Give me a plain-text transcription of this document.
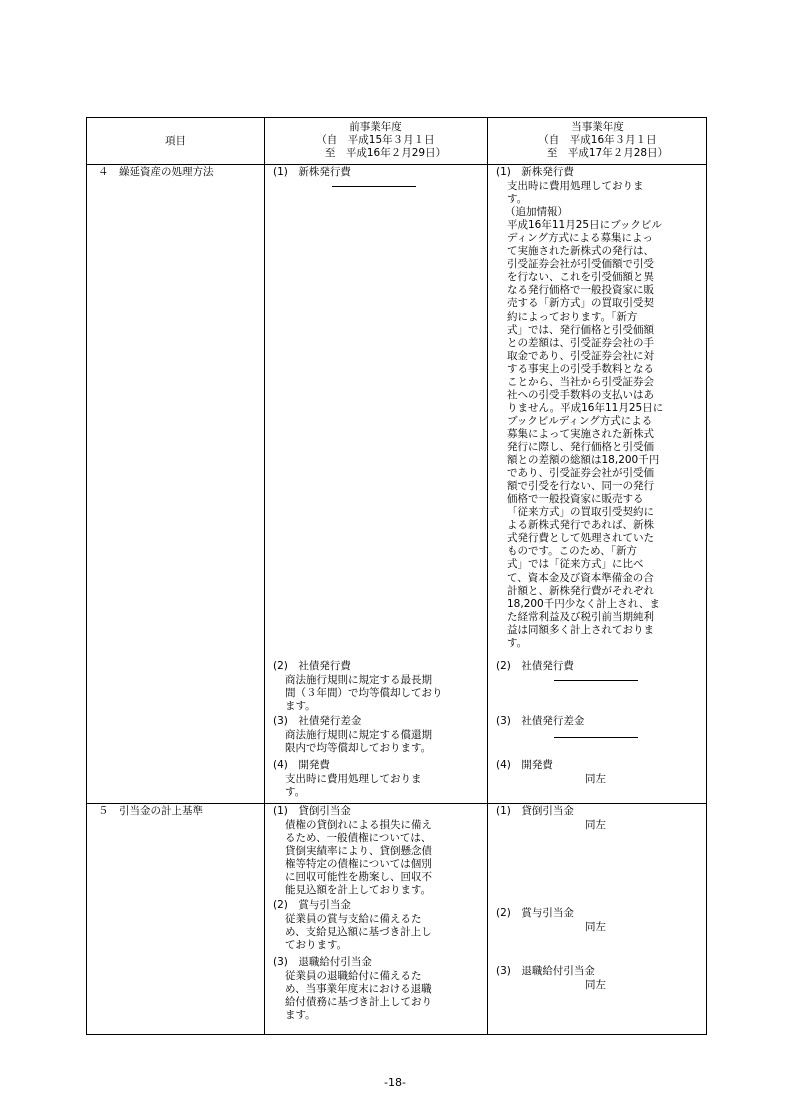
項目
前事業年度
（自　平成15年３月１日
至　平成16年２月29日）
当事業年度
（自　平成16年３月１日
至　平成17年２月28日）
４　繰延資産の処理方法	(1)　新株発行費
(2)　社債発行費
商法施行規則に規定する最長期
間（３年間）で均等償却しており
ます。
(3)　社債発行差金
商法施行規則に規定する償還期
限内で均等償却しております。
(4)　開発費
支出時に費用処理しておりま
す。
(1)　新株発行費
支出時に費用処理しておりま
す。
（追加情報）
平成16年11月25日にブックビル
ディング方式による募集によっ
て実施された新株式の発行は、
引受証券会社が引受価額で引受
を行ない、これを引受価額と異
なる発行価格で一般投資家に販
売する「新方式」の買取引受契
約によっております。「新方
式」では、発行価格と引受価額
との差額は、引受証券会社の手
取金であり、引受証券会社に対
する事実上の引受手数料となる
ことから、当社から引受証券会
社への引受手数料の支払いはあ
りません。平成16年11月25日に
ブックビルディング方式による
募集によって実施された新株式
発行に際し、発行価格と引受価
額との差額の総額は18,200千円
であり、引受証券会社が引受価
額で引受を行ない、同一の発行
価格で一般投資家に販売する
「従来方式」の買取引受契約に
よる新株式発行であれば、新株
式発行費として処理されていた
ものです。このため、「新方
式」では「従来方式」に比べ
て、資本金及び資本準備金の合
計額と、新株発行費がそれぞれ
18,200千円少なく計上され、ま
た経常利益及び税引前当期純利
益は同額多く計上されておりま
す。
(2)　社債発行費
(3)　社債発行差金
(4)　開発費
同左
５　引当金の計上基準	(1)　貸倒引当金
債権の貸倒れによる損失に備え
るため、一般債権については、
貸倒実績率により、貸倒懸念債
権等特定の債権については個別
に回収可能性を勘案し、回収不
能見込額を計上しております。
(2)　賞与引当金
従業員の賞与支給に備えるた
め、支給見込額に基づき計上し
ております。
(3)　退職給付引当金
従業員の退職給付に備えるた
め、当事業年度末における退職
給付債務に基づき計上しており
ます。
(1)　貸倒引当金
同左
(2)　賞与引当金
同左
(3)　退職給付引当金
同左
-18-
